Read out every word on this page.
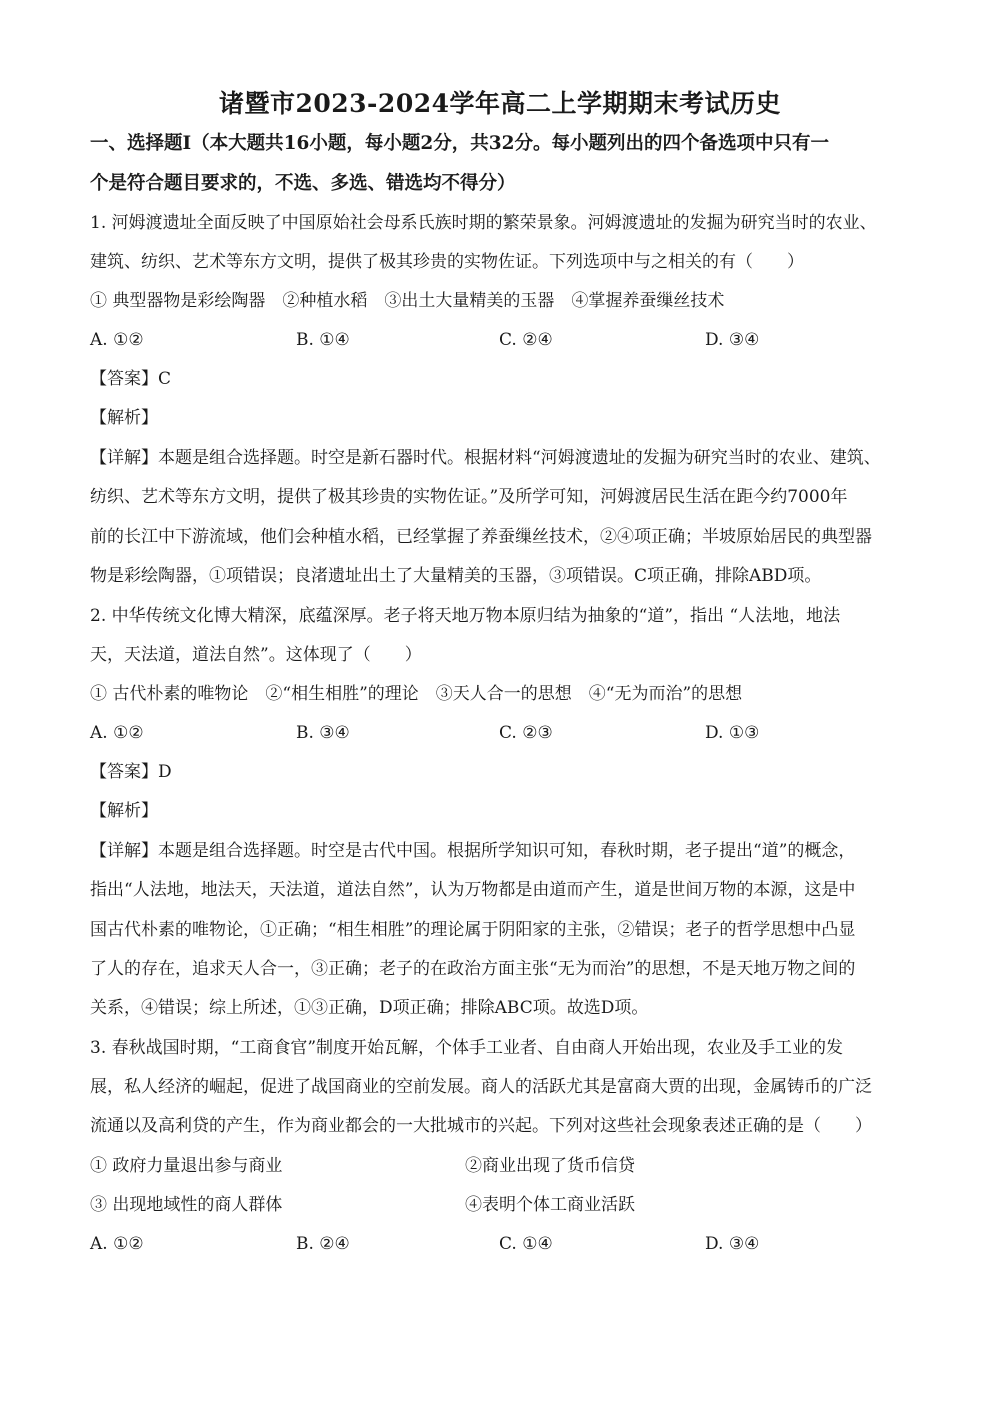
诸暨市2023-2024学年高二上学期期末考试历史
一、选择题Ⅰ（本大题共16小题，每小题2分，共32分。每小题列出的四个备选项中只有一
个是符合题目要求的，不选、多选、错选均不得分）
1. 河姆渡遗址全面反映了中国原始社会母系氏族时期的繁荣景象。河姆渡遗址的发掘为研究当时的农业、
建筑、纺织、艺术等东方文明，提供了极其珍贵的实物佐证。下列选项中与之相关的有（　　）
① 典型器物是彩绘陶器　②种植水稻　③出土大量精美的玉器　④掌握养蚕缫丝技术
A. ①②	B. ①④	C. ②④	D. ③④
【答案】C
【解析】
【详解】本题是组合选择题。时空是新石器时代。根据材料“河姆渡遗址的发掘为研究当时的农业、建筑、
纺织、艺术等东方文明，提供了极其珍贵的实物佐证。”及所学可知，河姆渡居民生活在距今约7000年
前的长江中下游流域，他们会种植水稻，已经掌握了养蚕缫丝技术，②④项正确；半坡原始居民的典型器
物是彩绘陶器，①项错误；良渚遗址出土了大量精美的玉器，③项错误。C项正确，排除ABD项。
2. 中华传统文化博大精深，底蕴深厚。老子将天地万物本原归结为抽象的“道”，指出 “人法地，地法
天，天法道，道法自然”。这体现了（　　）
① 古代朴素的唯物论　②“相生相胜”的理论　③天人合一的思想　④“无为而治”的思想
A. ①②	B. ③④	C. ②③	D. ①③
【答案】D
【解析】
【详解】本题是组合选择题。时空是古代中国。根据所学知识可知，春秋时期，老子提出“道”的概念，
指出“人法地，地法天，天法道，道法自然”，认为万物都是由道而产生，道是世间万物的本源，这是中
国古代朴素的唯物论，①正确；“相生相胜”的理论属于阴阳家的主张，②错误；老子的哲学思想中凸显
了人的存在，追求天人合一，③正确；老子的在政治方面主张“无为而治”的思想，不是天地万物之间的
关系，④错误；综上所述，①③正确，D项正确；排除ABC项。故选D项。
3. 春秋战国时期，“工商食官”制度开始瓦解，个体手工业者、自由商人开始出现，农业及手工业的发
展，私人经济的崛起，促进了战国商业的空前发展。商人的活跃尤其是富商大贾的出现，金属铸币的广泛
流通以及高利贷的产生，作为商业都会的一大批城市的兴起。下列对这些社会现象表述正确的是（　　）
① 政府力量退出参与商业	②商业出现了货币信贷
③ 出现地域性的商人群体	④表明个体工商业活跃
A. ①②	B. ②④	C. ①④	D. ③④
